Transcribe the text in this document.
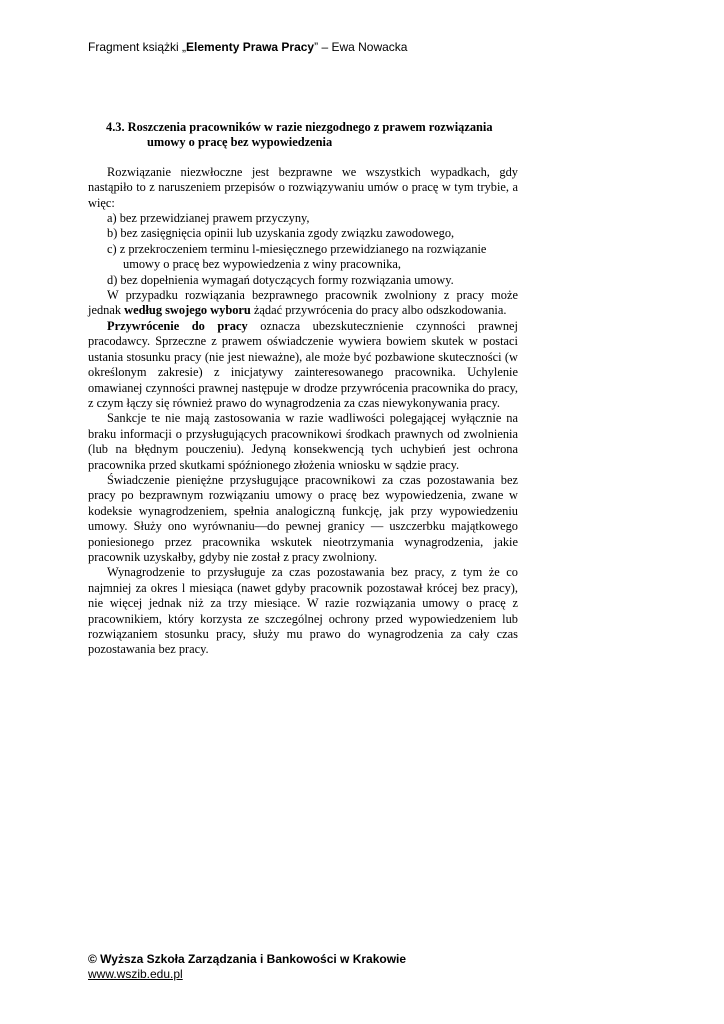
Fragment książki „Elementy Prawa Pracy” – Ewa Nowacka
4.3. Roszczenia pracowników w razie niezgodnego z prawem rozwiązania
umowy o pracę bez wypowiedzenia

Rozwiązanie niezwłoczne jest bezprawne we wszystkich wypadkach, gdy nastąpiło to z naruszeniem przepisów o rozwiązywaniu umów o pracę w tym trybie, a więc:

a) bez przewidzianej prawem przyczyny,
b) bez zasięgnięcia opinii lub uzyskania zgody związku zawodowego,
c) z przekroczeniem terminu l-miesięcznego przewidzianego na rozwiązanie
umowy o pracę bez wypowiedzenia z winy pracownika,
d) bez dopełnienia wymagań dotyczących formy rozwiązania umowy.

W przypadku rozwiązania bezprawnego pracownik zwolniony z pracy może jednak według swojego wyboru żądać przywrócenia do pracy albo odszkodowania.

Przywrócenie do pracy oznacza ubezskutecznienie czynności prawnej pracodawcy. Sprzeczne z prawem oświadczenie wywiera bowiem skutek w postaci ustania stosunku pracy (nie jest nieważne), ale może być pozbawione skuteczności (w określonym zakresie) z inicjatywy zainteresowanego pracownika. Uchylenie omawianej czynności prawnej następuje w drodze przywrócenia pracownika do pracy, z czym łączy się również prawo do wynagrodzenia za czas niewykonywania pracy.

Sankcje te nie mają zastosowania w razie wadliwości polegającej wyłącznie na braku informacji o przysługujących pracownikowi środkach prawnych od zwolnienia (lub na błędnym pouczeniu). Jedyną konsekwencją tych uchybień jest ochrona pracownika przed skutkami spóźnionego złożenia wniosku w sądzie pracy.

Świadczenie pieniężne przysługujące pracownikowi za czas pozostawania bez pracy po bezprawnym rozwiązaniu umowy o pracę bez wypowiedzenia, zwane w kodeksie wynagrodzeniem, spełnia analogiczną funkcję, jak przy wypowiedzeniu umowy. Służy ono wyrównaniu—do pewnej granicy — uszczerbku majątkowego poniesionego przez pracownika wskutek nieotrzymania wynagrodzenia, jakie pracownik uzyskałby, gdyby nie został z pracy zwolniony.

Wynagrodzenie to przysługuje za czas pozostawania bez pracy, z tym że co najmniej za okres l miesiąca (nawet gdyby pracownik pozostawał krócej bez pracy), nie więcej jednak niż za trzy miesiące. W razie rozwiązania umowy o pracę z pracownikiem, który korzysta ze szczególnej ochrony przed wypowiedzeniem lub rozwiązaniem stosunku pracy, służy mu prawo do wynagrodzenia za cały czas pozostawania bez pracy.

© Wyższa Szkoła Zarządzania i Bankowości w Krakowie
www.wszib.edu.pl
